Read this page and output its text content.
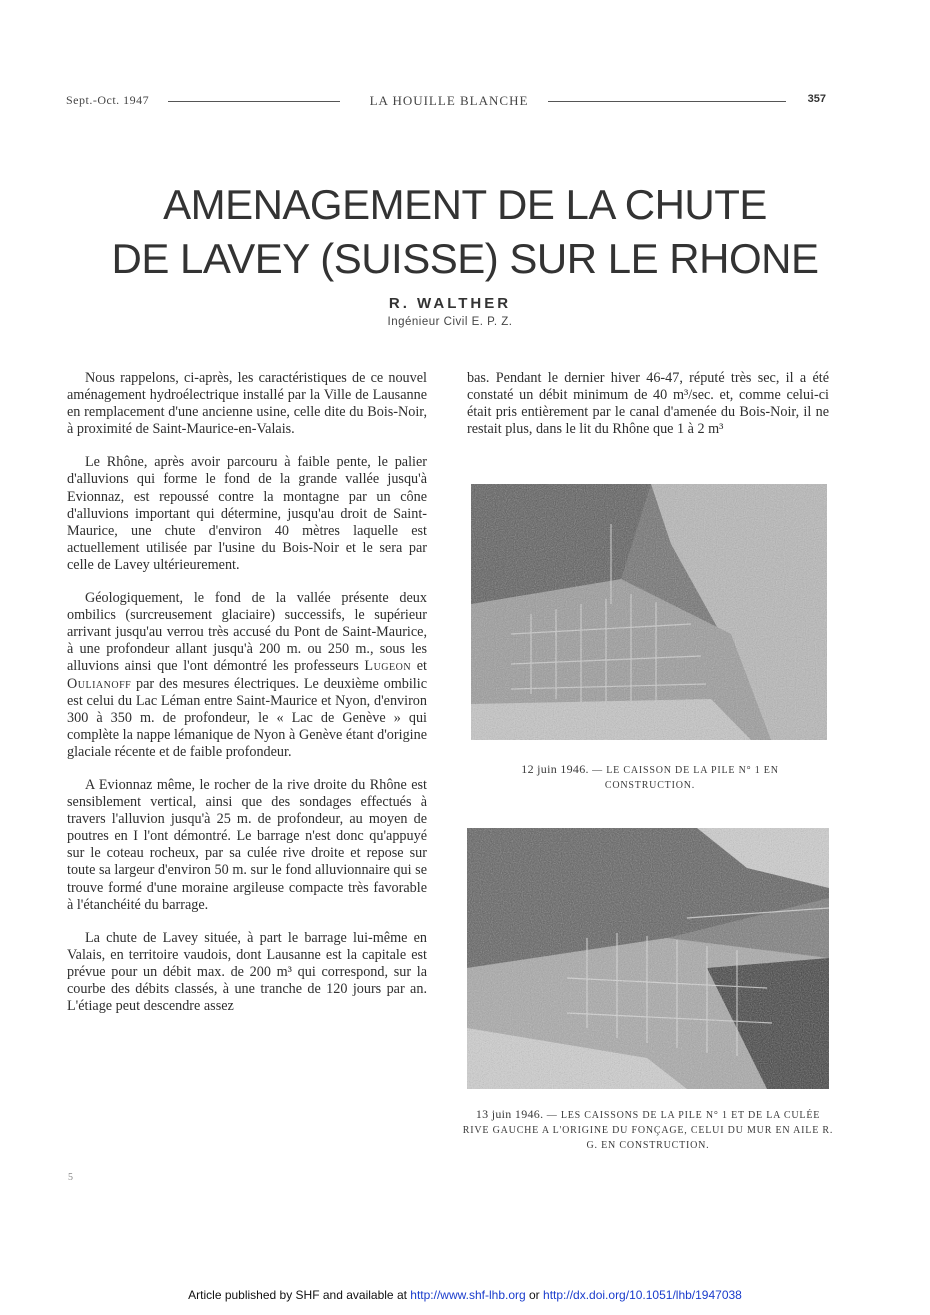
Sept.-Oct. 1947	LA HOUILLE BLANCHE	357
AMENAGEMENT DE LA CHUTE
DE LAVEY (SUISSE) SUR LE RHONE
R. WALTHER
Ingénieur Civil E. P. Z.

Nous rappelons, ci-après, les caractéristiques de ce nouvel aménagement hydroélectrique installé par la Ville de Lausanne en remplacement d'une ancienne usine, celle dite du Bois-Noir, à proximité de Saint-Maurice-en-Valais.

Le Rhône, après avoir parcouru à faible pente, le palier d'alluvions qui forme le fond de la grande vallée jusqu'à Evionnaz, est repoussé contre la montagne par un cône d'alluvions important qui détermine, jusqu'au droit de Saint-Maurice, une chute d'environ 40 mètres laquelle est actuellement utilisée par l'usine du Bois-Noir et le sera par celle de Lavey ultérieurement.

Géologiquement, le fond de la vallée présente deux ombilics (surcreusement glaciaire) successifs, le supérieur arrivant jusqu'au verrou très accusé du Pont de Saint-Maurice, à une profondeur allant jusqu'à 200 m. ou 250 m., sous les alluvions ainsi que l'ont démontré les professeurs Lugeon et Oulianoff par des mesures électriques. Le deuxième ombilic est celui du Lac Léman entre Saint-Maurice et Nyon, d'environ 300 à 350 m. de profondeur, le « Lac de Genève » qui complète la nappe lémanique de Nyon à Genève étant d'origine glaciale récente et de faible profondeur.

A Evionnaz même, le rocher de la rive droite du Rhône est sensiblement vertical, ainsi que des sondages effectués à travers l'alluvion jusqu'à 25 m. de profondeur, au moyen de poutres en I l'ont démontré. Le barrage n'est donc qu'appuyé sur le coteau rocheux, par sa culée rive droite et repose sur toute sa largeur d'environ 50 m. sur le fond alluvionnaire qui se trouve formé d'une moraine argileuse compacte très favorable à l'étanchéité du barrage.

La chute de Lavey située, à part le barrage lui-même en Valais, en territoire vaudois, dont Lausanne est la capitale est prévue pour un débit max. de 200 m³ qui correspond, sur la courbe des débits classés, à une tranche de 120 jours par an. L'étiage peut descendre assez

bas. Pendant le dernier hiver 46-47, réputé très sec, il a été constaté un débit minimum de 40 m³/sec. et, comme celui-ci était pris entièrement par le canal d'amenée du Bois-Noir, il ne restait plus, dans le lit du Rhône que 1 à 2 m³

12 juin 1946. — LE CAISSON DE LA PILE N° 1 EN CONSTRUCTION.
13 juin 1946. — LES CAISSONS DE LA PILE N° 1 ET DE LA CULÉE RIVE GAUCHE A L'ORIGINE DU FONÇAGE, CELUI DU MUR EN AILE R. G. EN CONSTRUCTION.
5
Article published by SHF and available at http://www.shf-lhb.org or http://dx.doi.org/10.1051/lhb/1947038
